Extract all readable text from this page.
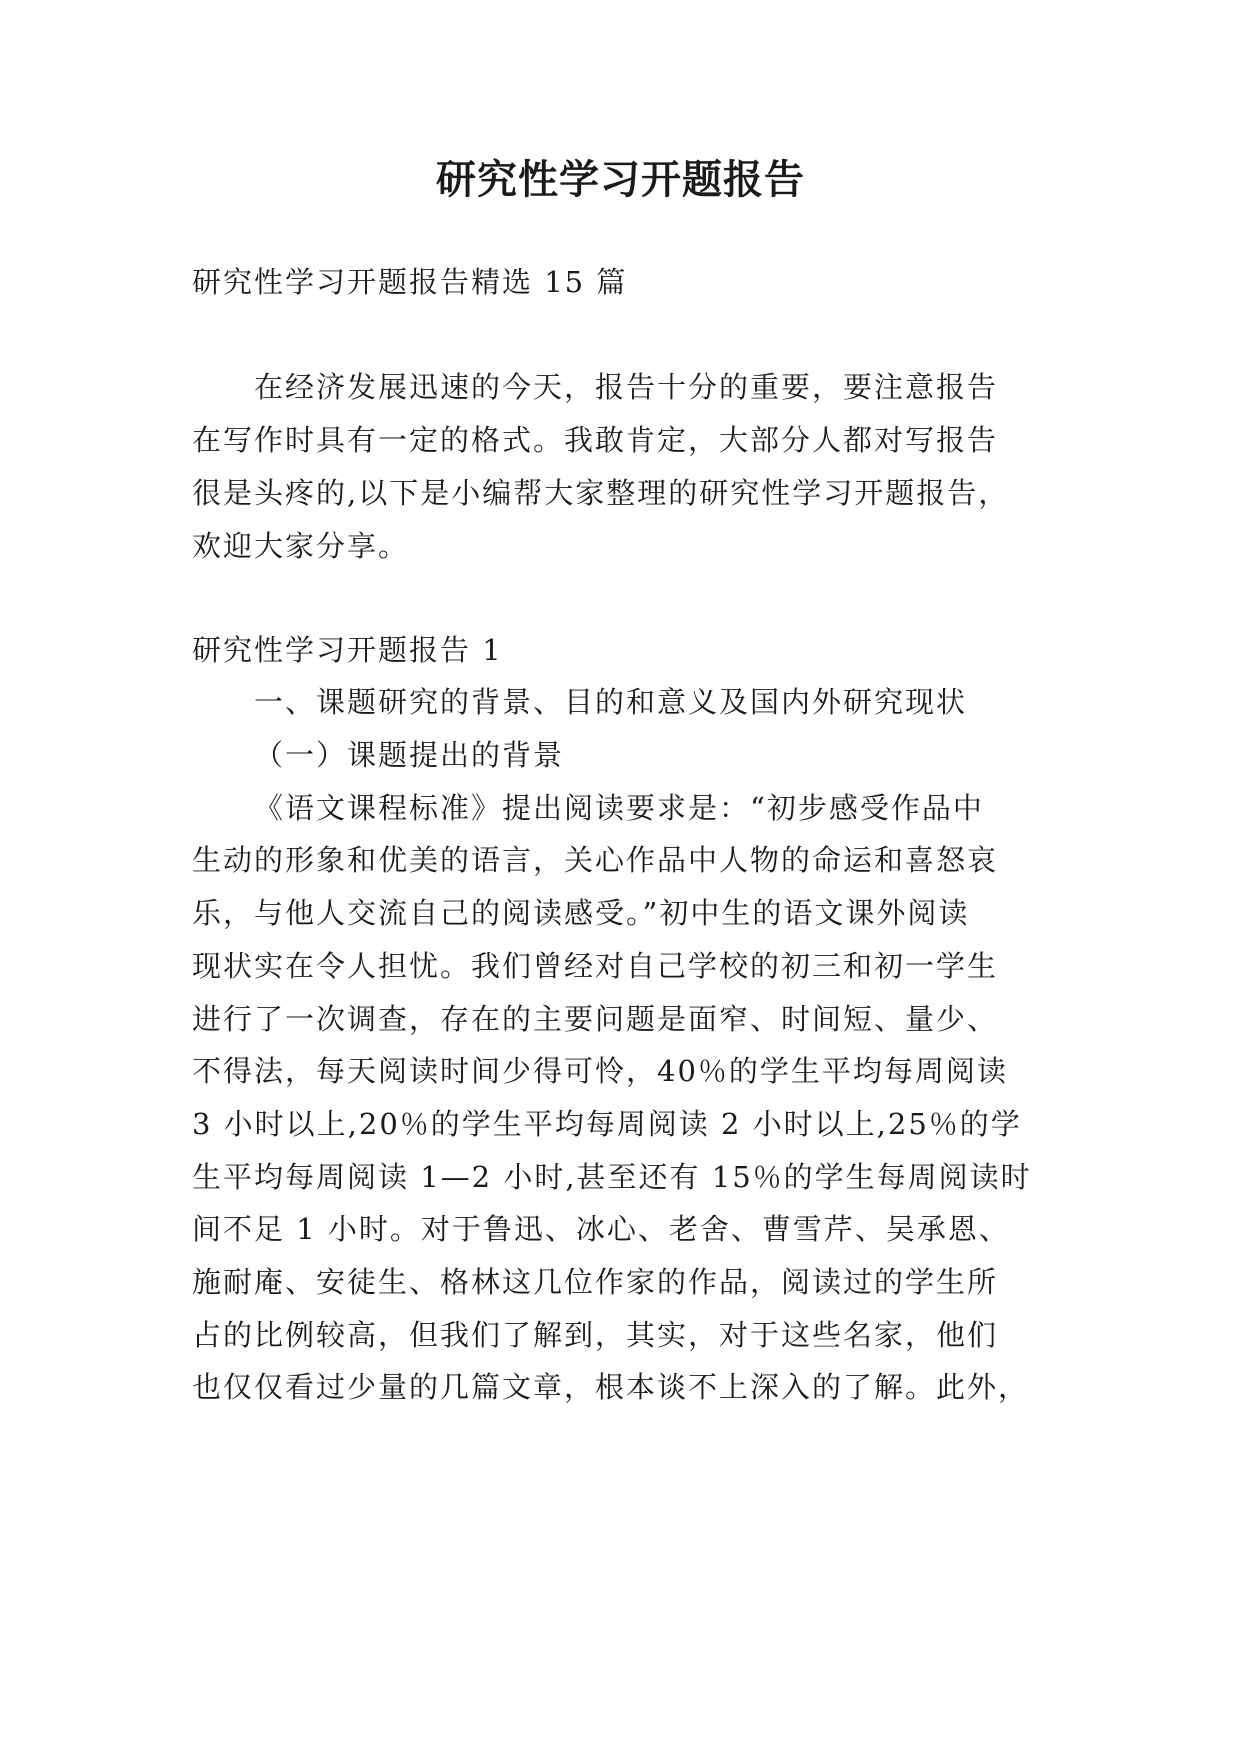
研究性学习开题报告
研究性学习开题报告精选 15 篇
在经济发展迅速的今天，报告十分的重要，要注意报告
在写作时具有一定的格式。我敢肯定，大部分人都对写报告
很是头疼的,以下是小编帮大家整理的研究性学习开题报告，
欢迎大家分享。
研究性学习开题报告 1
一、课题研究的背景、目的和意义及国内外研究现状
（一）课题提出的背景
《语文课程标准》提出阅读要求是：“初步感受作品中
生动的形象和优美的语言，关心作品中人物的命运和喜怒哀
乐，与他人交流自己的阅读感受。”初中生的语文课外阅读
现状实在令人担忧。我们曾经对自己学校的初三和初一学生
进行了一次调查，存在的主要问题是面窄、时间短、量少、
不得法，每天阅读时间少得可怜，40％的学生平均每周阅读
3 小时以上,20％的学生平均每周阅读 2 小时以上,25％的学
生平均每周阅读 1—2 小时,甚至还有 15％的学生每周阅读时
间不足 1 小时。对于鲁迅、冰心、老舍、曹雪芹、吴承恩、
施耐庵、安徒生、格林这几位作家的作品，阅读过的学生所
占的比例较高，但我们了解到，其实，对于这些名家，他们
也仅仅看过少量的几篇文章，根本谈不上深入的了解。此外，
